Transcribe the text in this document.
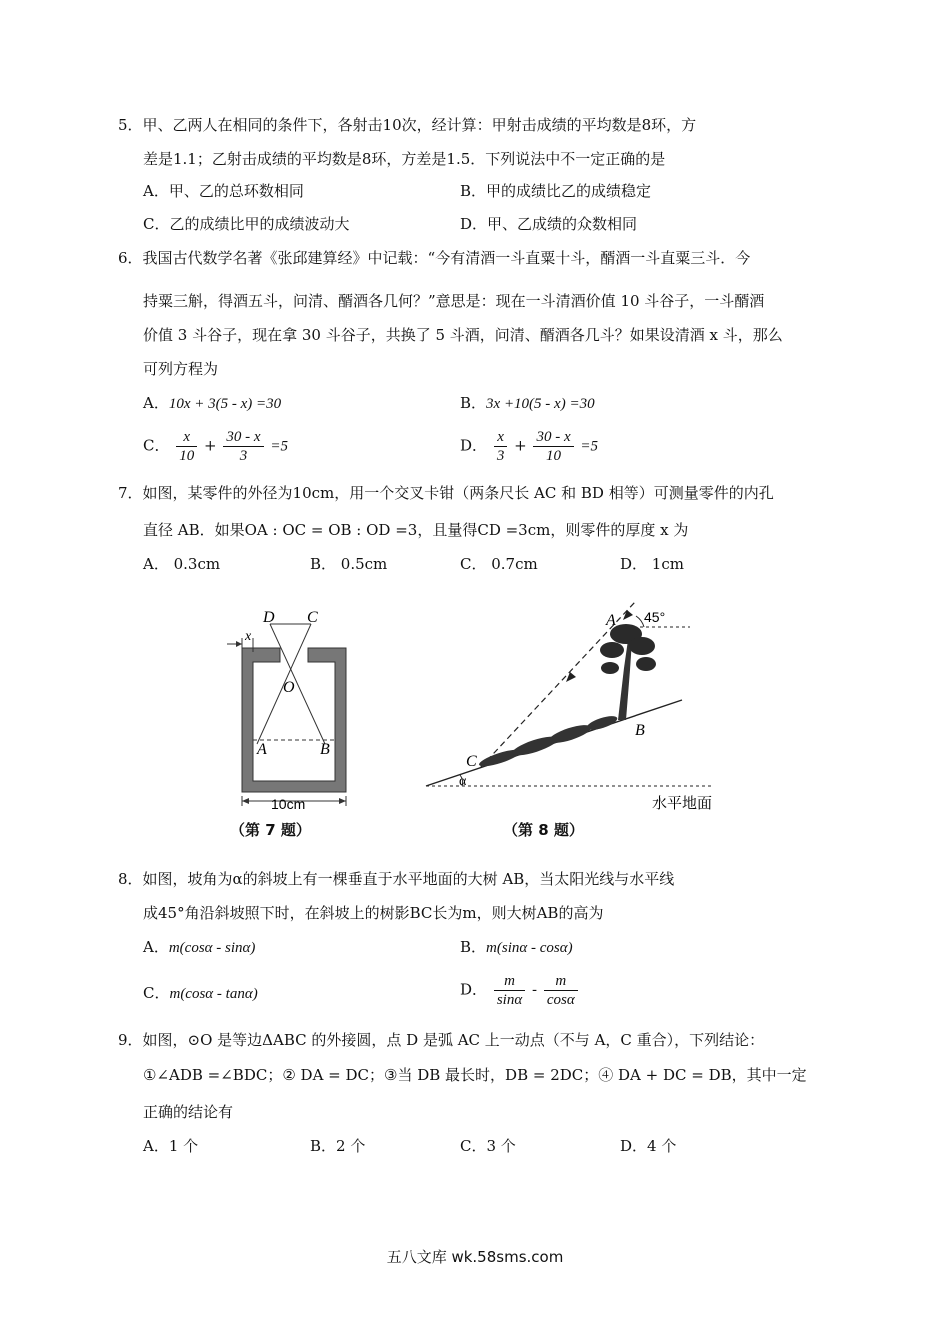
5．甲、乙两人在相同的条件下，各射击10次，经计算：甲射击成绩的平均数是8环，方
差是1.1；乙射击成绩的平均数是8环，方差是1.5．下列说法中不一定正确的是
A．甲、乙的总环数相同	B．甲的成绩比乙的成绩稳定
C．乙的成绩比甲的成绩波动大	D．甲、乙成绩的众数相同
6．我国古代数学名著《张邱建算经》中记载：“今有清酒一斗直粟十斗，醑酒一斗直粟三斗．今
持粟三斛，得酒五斗，问清、醑酒各几何？”意思是：现在一斗清酒价值 10 斗谷子，一斗醑酒
价值 3 斗谷子，现在拿 30 斗谷子，共换了 5 斗酒，问清、醑酒各几斗？如果设清酒 x 斗，那么
可列方程为
A．10x + 3(5 - x) =30	B．3x +10(5 - x) =30
C． $\frac{x}{10} + \frac{30 - x}{3} =5$	D． $\frac{x}{3} + \frac{30 - x}{10} =5$
7．如图，某零件的外径为10cm，用一个交叉卡钳（两条尺长 AC 和 BD 相等）可测量零件的内孔
直径 AB．如果OA : OC = OB : OD =3，且量得CD =3cm，则零件的厚度 x 为
A． 0.3cm	B． 0.5cm	C． 0.7cm	D． 1cm
D C
x
O
A	B
10cm
（第 7 题）
A
B
C
45°
α
水平地面
（第 8 题）
8．如图，坡角为α的斜坡上有一棵垂直于水平地面的大树 AB，当太阳光线与水平线
成45°角沿斜坡照下时，在斜坡上的树影BC长为m，则大树AB的高为
A．m(cosα - sinα)	B．m(sinα - cosα)
C．m(cosα - tanα)	D． $\frac{m}{\sin\alpha} - \frac{m}{\cos\alpha}$
9．如图，⊙O 是等边ΔABC 的外接圆，点 D 是弧 AC 上一动点（不与 A，C 重合），下列结论：
①∠ADB =∠BDC；② DA = DC；③当 DB 最长时，DB = 2DC；④ DA + DC = DB，其中一定
正确的结论有
A．1 个	B．2 个	C．3 个	D．4 个
五八文库 wk.58sms.com
